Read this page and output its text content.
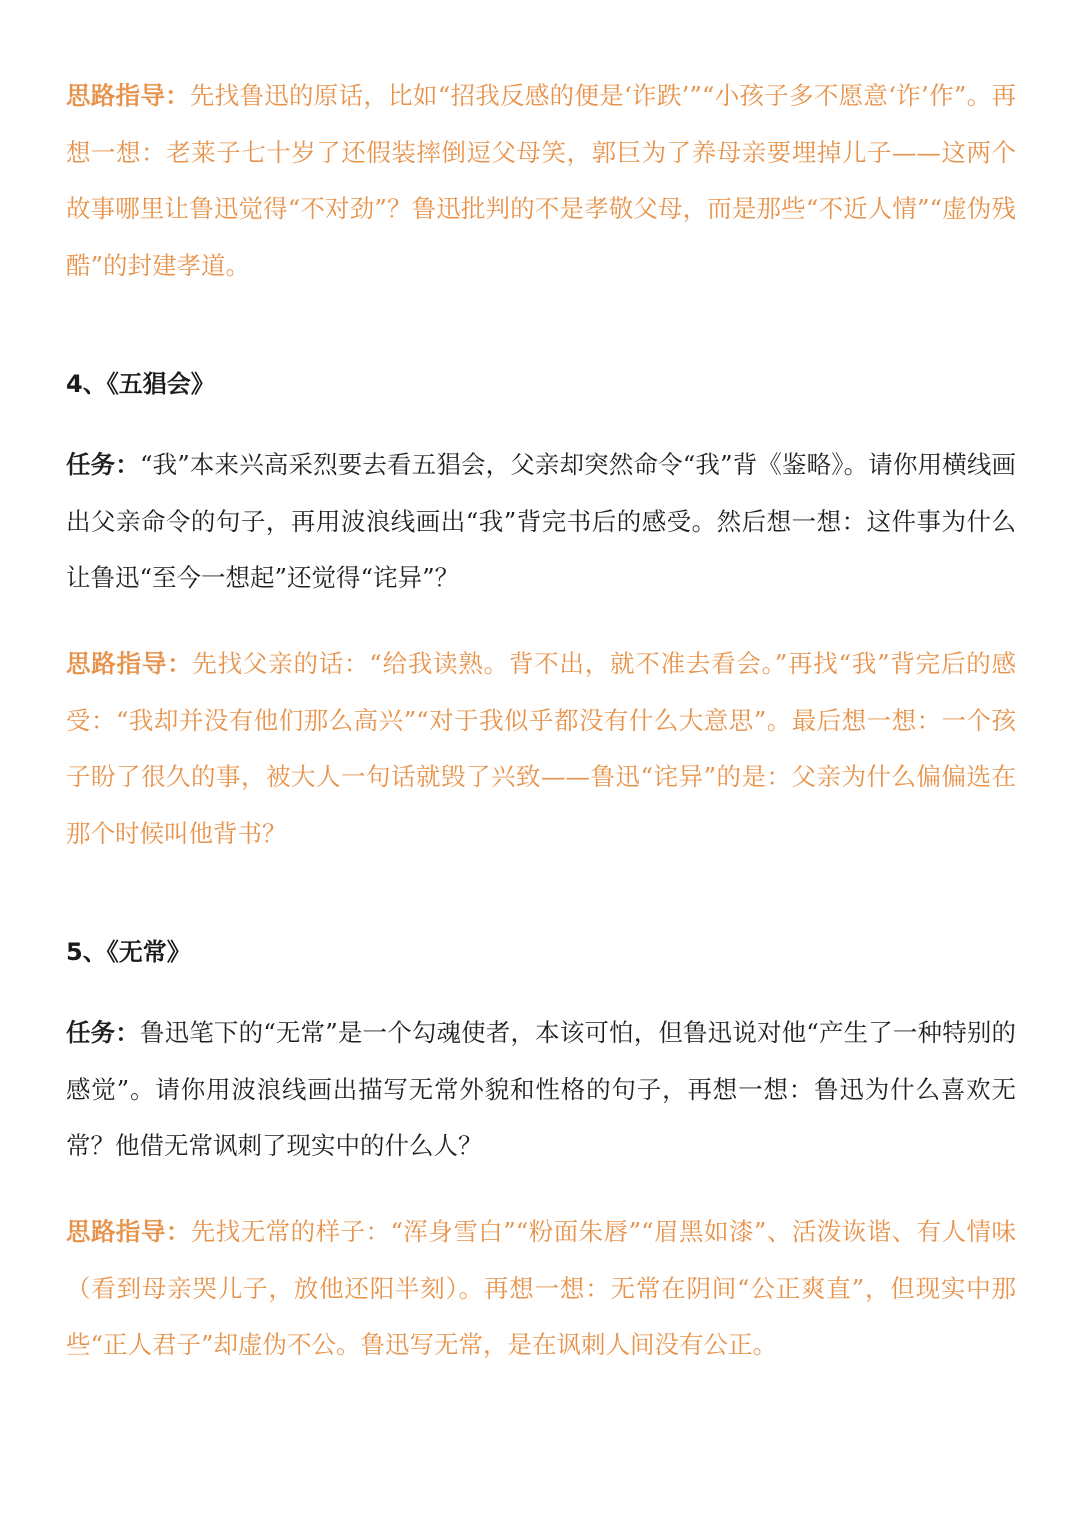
思路指导：先找鲁迅的原话，比如“招我反感的便是‘诈跌’”“小孩子多不愿意‘诈’作”。再想一想：老莱子七十岁了还假装摔倒逗父母笑，郭巨为了养母亲要埋掉儿子——这两个故事哪里让鲁迅觉得“不对劲”？鲁迅批判的不是孝敬父母，而是那些“不近人情”“虚伪残酷”的封建孝道。

4、《五猖会》

任务：“我”本来兴高采烈要去看五猖会，父亲却突然命令“我”背《鉴略》。请你用横线画出父亲命令的句子，再用波浪线画出“我”背完书后的感受。然后想一想：这件事为什么让鲁迅“至今一想起”还觉得“诧异”？

思路指导：先找父亲的话：“给我读熟。背不出，就不准去看会。”再找“我”背完后的感受：“我却并没有他们那么高兴”“对于我似乎都没有什么大意思”。最后想一想：一个孩子盼了很久的事，被大人一句话就毁了兴致——鲁迅“诧异”的是：父亲为什么偏偏选在那个时候叫他背书？

5、《无常》

任务：鲁迅笔下的“无常”是一个勾魂使者，本该可怕，但鲁迅说对他“产生了一种特别的感觉”。请你用波浪线画出描写无常外貌和性格的句子，再想一想：鲁迅为什么喜欢无常？他借无常讽刺了现实中的什么人？

思路指导：先找无常的样子：“浑身雪白”“粉面朱唇”“眉黑如漆”、活泼诙谐、有人情味（看到母亲哭儿子，放他还阳半刻）。再想一想：无常在阴间“公正爽直”，但现实中那些“正人君子”却虚伪不公。鲁迅写无常，是在讽刺人间没有公正。
